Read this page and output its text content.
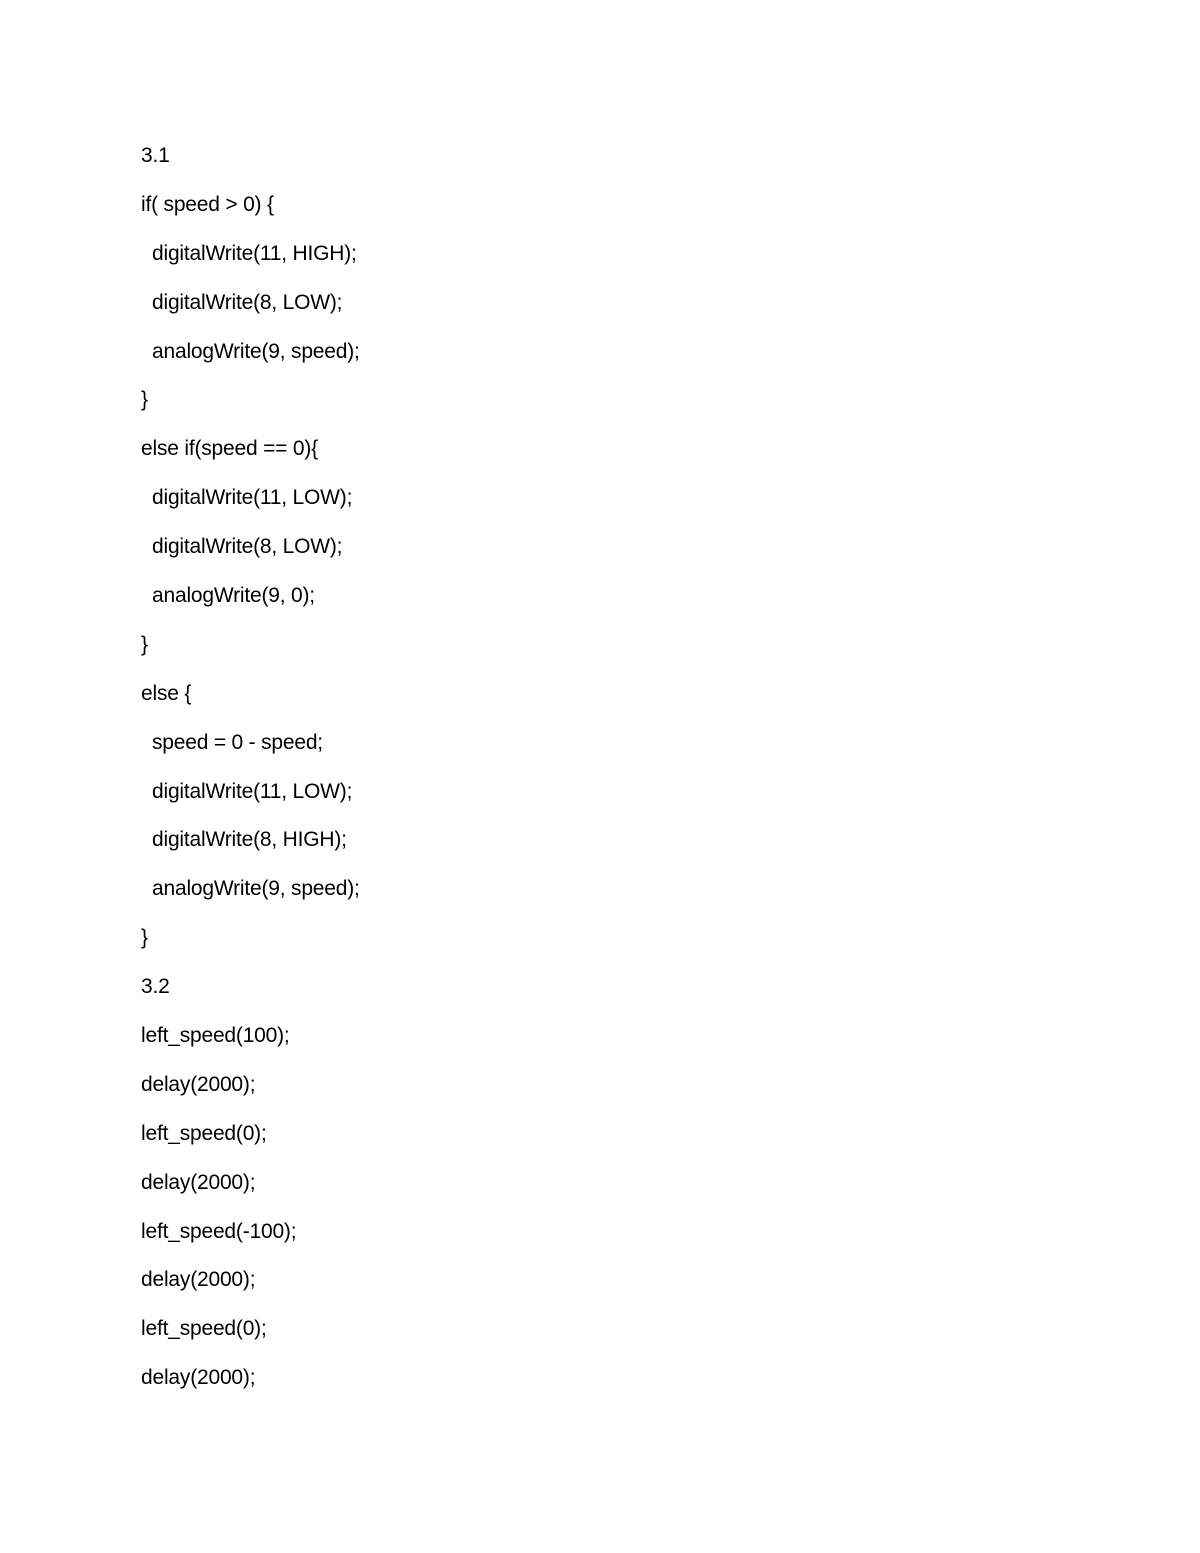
3.1
if( speed > 0) {
digitalWrite(11, HIGH);
digitalWrite(8, LOW);
analogWrite(9, speed);
}
else if(speed == 0){
digitalWrite(11, LOW);
digitalWrite(8, LOW);
analogWrite(9, 0);
}
else {
speed = 0 - speed;
digitalWrite(11, LOW);
digitalWrite(8, HIGH);
analogWrite(9, speed);
}
3.2
left_speed(100);
delay(2000);
left_speed(0);
delay(2000);
left_speed(-100);
delay(2000);
left_speed(0);
delay(2000);
